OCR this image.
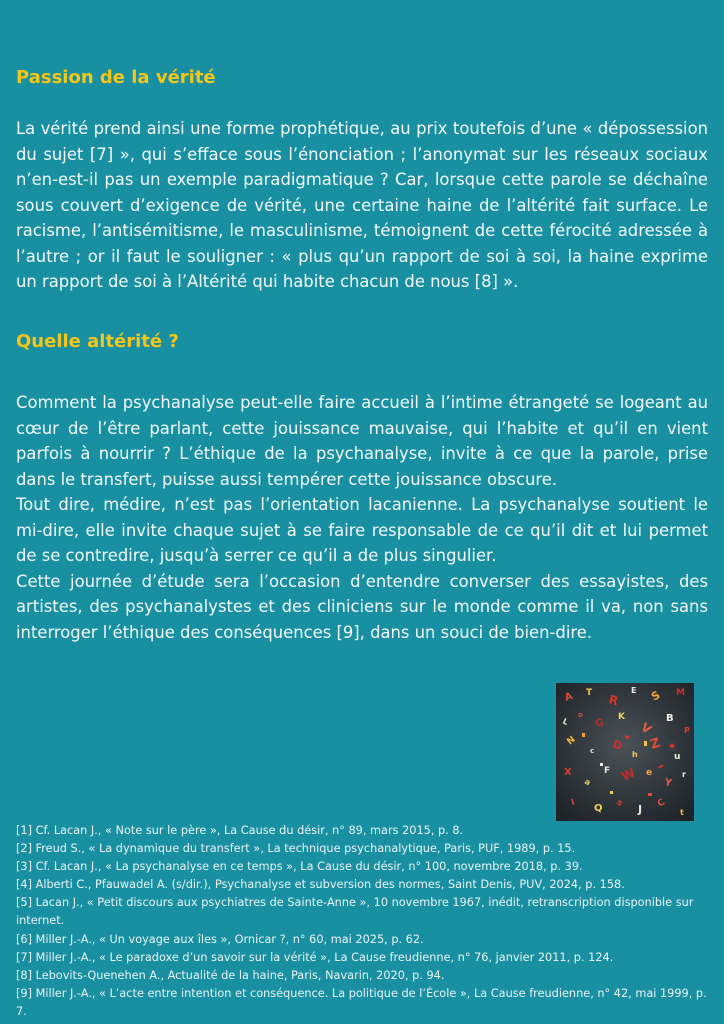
Passion de la vérité

La vérité prend ainsi une forme prophétique, au prix toutefois d’une « dépossession du sujet [7] », qui s’efface sous l’énonciation ; l’anonymat sur les réseaux sociaux n’en-est-il pas un exemple paradigmatique ? Car, lorsque cette parole se déchaîne sous couvert d’exigence de vérité, une certaine haine de l’altérité fait surface. Le racisme, l’antisémitisme, le masculinisme, témoignent de cette férocité adressée à l’autre ; or il faut le souligner : « plus qu’un rapport de soi à soi, la haine exprime un rapport de soi à l’Altérité qui habite chacun de nous [8] ».

Quelle altérité ?
Comment la psychanalyse peut-elle faire accueil à l’intime étrangeté se logeant au cœur de l’être parlant, cette jouissance mauvaise, qui l’habite et qu’il en vient parfois à nourrir ? L’éthique de la psychanalyse, invite à ce que la parole, prise dans le transfert, puisse aussi tempérer cette jouissance obscure.
Tout dire, médire, n’est pas l’orientation lacanienne. La psychanalyse soutient le mi-dire, elle invite chaque sujet à se faire responsable de ce qu’il dit et lui permet de se contredire, jusqu’à serrer ce qu’il a de plus singulier.
Cette journée d’étude sera l’occasion d’entendre converser des essayistes, des artistes, des psychanalystes et des cliniciens sur le monde comme il va, non sans interroger l’éthique des conséquences [9], dans un souci de bien-dire.
A T R
E S M
L
o
G
K
V
B
P
N
c D
h
Z
u
X
a
F W e
Y
r
I
Q s J C
t
[1] Cf. Lacan J., « Note sur le père », La Cause du désir, n° 89, mars 2015, p. 8.
[2] Freud S., « La dynamique du transfert », La technique psychanalytique, Paris, PUF, 1989, p. 15.
[3] Cf. Lacan J., « La psychanalyse en ce temps », La Cause du désir, n° 100, novembre 2018, p. 39.
[4] Alberti C., Pfauwadel A. (s/dir.), Psychanalyse et subversion des normes, Saint Denis, PUV, 2024, p. 158.
[5] Lacan J., « Petit discours aux psychiatres de Sainte-Anne », 10 novembre 1967, inédit, retranscription disponible sur internet.
[6] Miller J.-A., « Un voyage aux îles », Ornicar ?, n° 60, mai 2025, p. 62.
[7] Miller J.-A., « Le paradoxe d’un savoir sur la vérité », La Cause freudienne, n° 76, janvier 2011, p. 124.
[8] Lebovits-Quenehen A., Actualité de la haine, Paris, Navarin, 2020, p. 94.
[9] Miller J.-A., « L’acte entre intention et conséquence. La politique de l’École », La Cause freudienne, n° 42, mai 1999, p. 7.
